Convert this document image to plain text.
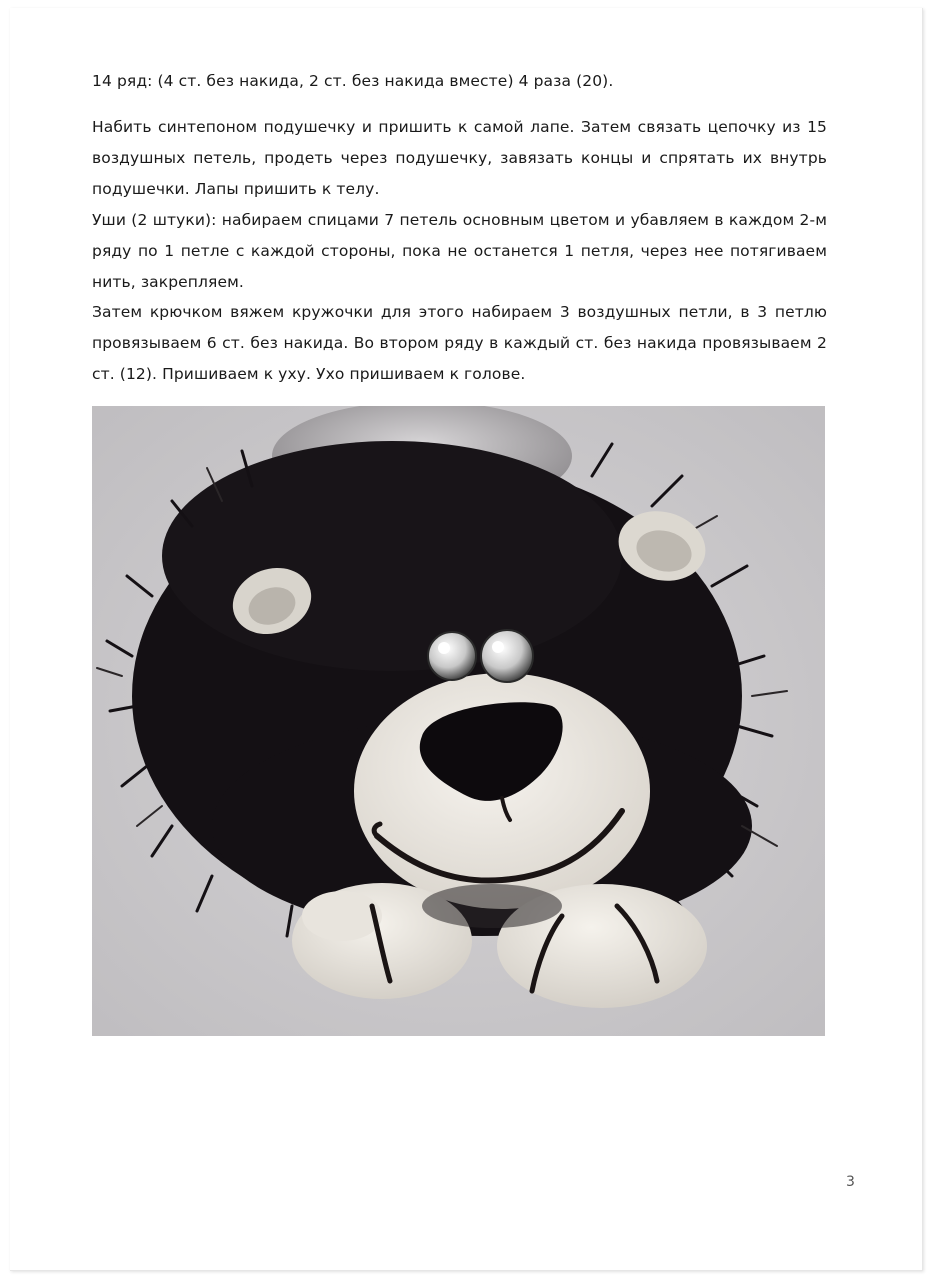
14 ряд: (4 ст. без накида, 2 ст. без накида вместе) 4 раза (20).

Набить синтепоном подушечку и пришить к самой лапе. Затем связать цепочку из 15 воздушных петель, продеть через подушечку, завязать концы и спрятать их внутрь подушечки. Лапы пришить к телу.

Уши (2 штуки): набираем спицами 7 петель основным цветом и убавляем в каждом 2-м ряду по 1 петле с каждой стороны, пока не останется 1 петля, через нее потягиваем нить, закрепляем.

Затем крючком вяжем кружочки для этого набираем 3 воздушных петли, в 3 петлю провязываем 6 ст. без накида. Во втором ряду в каждый ст. без накида провязываем 2 ст. (12). Пришиваем к уху. Ухо пришиваем к голове.

3
